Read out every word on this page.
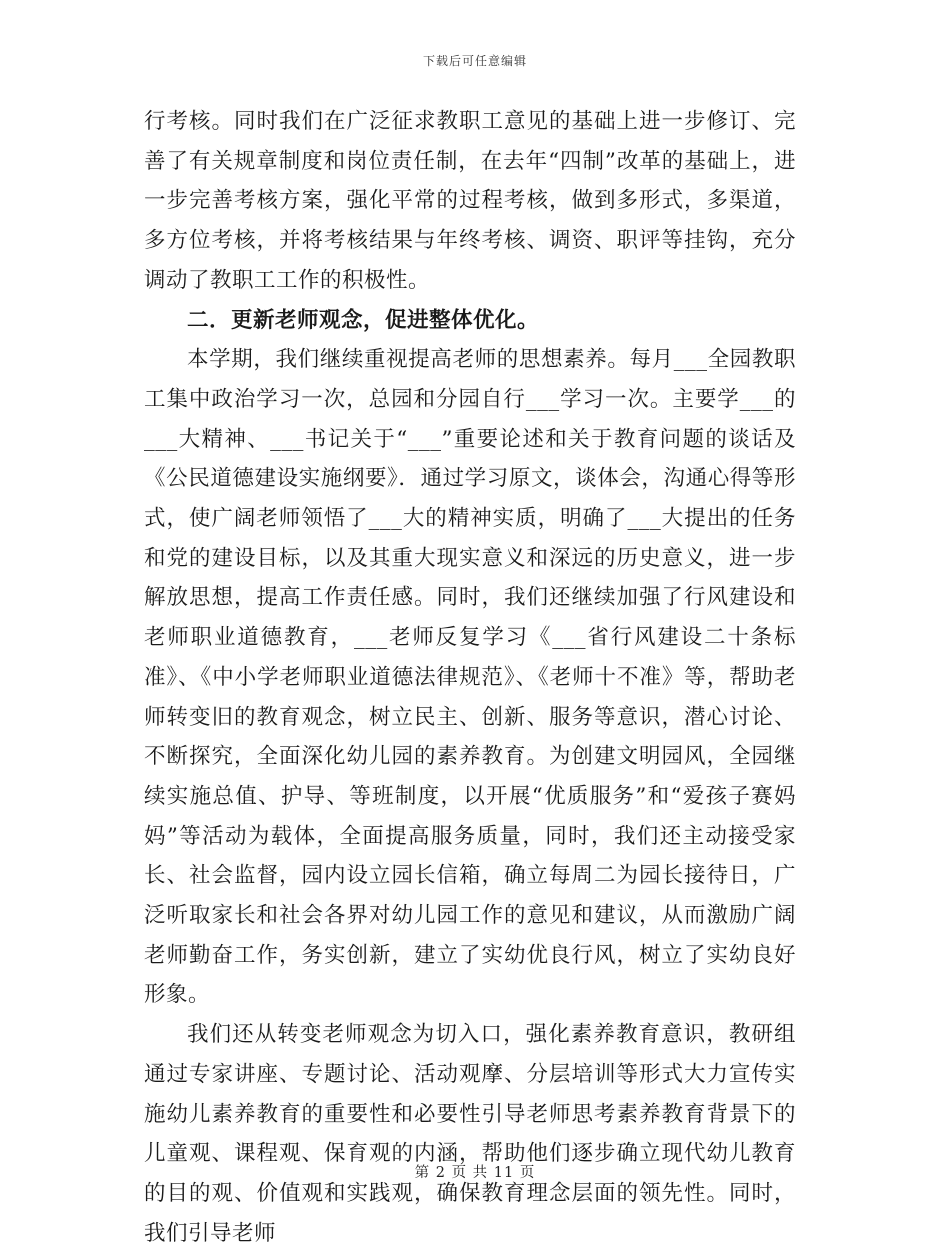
下载后可任意编辑

行考核。同时我们在广泛征求教职工意见的基础上进一步修订、完善了有关规章制度和岗位责任制，在去年“四制”改革的基础上，进一步完善考核方案，强化平常的过程考核，做到多形式，多渠道，多方位考核，并将考核结果与年终考核、调资、职评等挂钩，充分调动了教职工工作的积极性。

二．更新老师观念，促进整体优化。

本学期，我们继续重视提高老师的思想素养。每月___全园教职工集中政治学习一次，总园和分园自行___学习一次。主要学___的___大精神、___书记关于“___”重要论述和关于教育问题的谈话及《公民道德建设实施纲要》．通过学习原文，谈体会，沟通心得等形式，使广阔老师领悟了___大的精神实质，明确了___大提出的任务和党的建设目标，以及其重大现实意义和深远的历史意义，进一步解放思想，提高工作责任感。同时，我们还继续加强了行风建设和老师职业道德教育，___老师反复学习《___省行风建设二十条标准》、《中小学老师职业道德法律规范》、《老师十不准》等，帮助老师转变旧的教育观念，树立民主、创新、服务等意识，潜心讨论、不断探究，全面深化幼儿园的素养教育。为创建文明园风，全园继续实施总值、护导、等班制度，以开展“优质服务”和“爱孩子赛妈妈”等活动为载体，全面提高服务质量，同时，我们还主动接受家长、社会监督，园内设立园长信箱，确立每周二为园长接待日，广泛听取家长和社会各界对幼儿园工作的意见和建议，从而激励广阔老师勤奋工作，务实创新，建立了实幼优良行风，树立了实幼良好形象。

我们还从转变老师观念为切入口，强化素养教育意识，教研组通过专家讲座、专题讨论、活动观摩、分层培训等形式大力宣传实施幼儿素养教育的重要性和必要性引导老师思考素养教育背景下的儿童观、课程观、保育观的内涵，帮助他们逐步确立现代幼儿教育的目的观、价值观和实践观，确保教育理念层面的领先性。同时，我们引导老师

第 2 页 共 11 页
